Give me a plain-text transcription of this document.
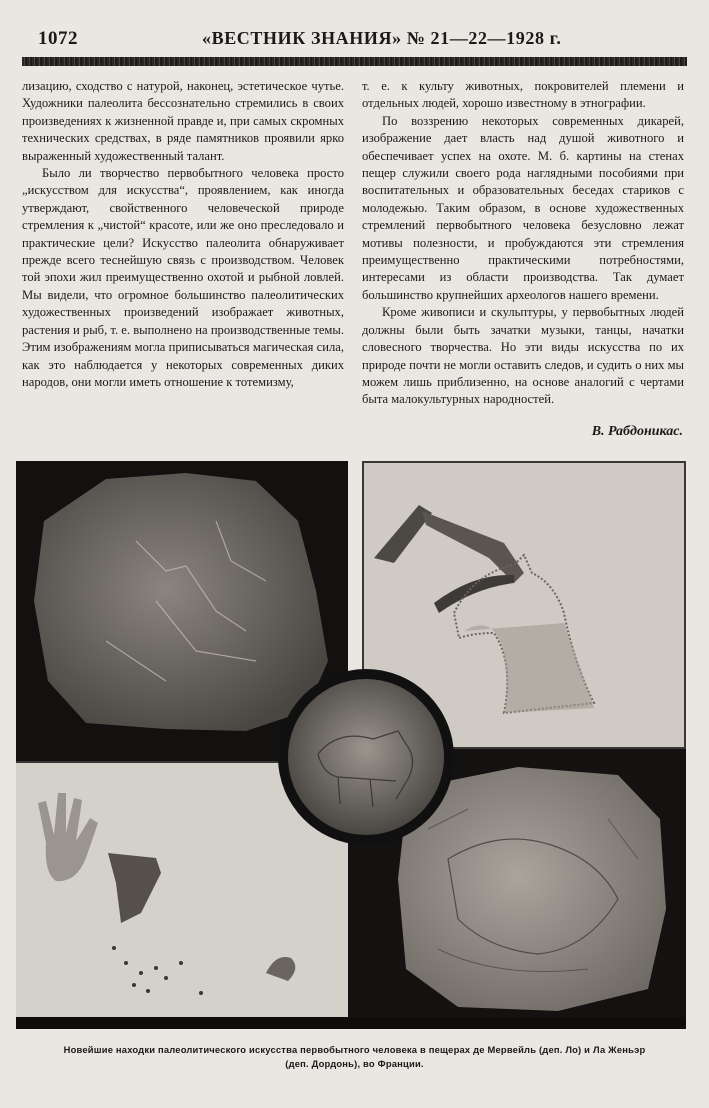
1072	«ВЕСТНИК ЗНАНИЯ» № 21—22—1928 г.

лизацию, сходство с натурой, наконец, эстетическое чутье. Художники палеолита бессознательно стремились в своих произведениях к жизненной правде и, при самых скромных технических средствах, в ряде памятников проявили ярко выраженный художественный талант.

Было ли творчество первобытного человека просто „искусством для искусства“, проявлением, как иногда утверждают, свойственного человеческой природе стремления к „чистой“ красоте, или же оно преследовало и практические цели? Искусство палеолита обнаруживает прежде всего теснейшую связь с производством. Человек той эпохи жил преимущественно охотой и рыбной ловлей. Мы видели, что огромное большинство палеолитических художественных произведений изображает животных, растения и рыб, т. е. выполнено на производственные темы. Этим изображениям могла приписываться магическая сила, как это наблюдается у некоторых современных диких народов, они могли иметь отношение к тотемизму,

т. е. к культу животных, покровителей племени и отдельных людей, хорошо известному в этнографии.

По воззрению некоторых современных дикарей, изображение дает власть над душой животного и обеспечивает успех на охоте. М. б. картины на стенах пещер служили своего рода наглядными пособиями при воспитательных и образовательных беседах стариков с молодежью. Таким образом, в основе художественных стремлений первобытного человека безусловно лежат мотивы полезности, и пробуждаются эти стремления преимущественно практическими потребностями, интересами из области производства. Так думает большинство крупнейших археологов нашего времени.

Кроме живописи и скульптуры, у первобытных людей должны были быть зачатки музыки, танцы, начатки словесного творчества. Но эти виды искусства по их природе почти не могли оставить следов, и судить о них мы можем лишь приблизенно, на основе аналогий с чертами быта малокультурных народностей.

В. Рабдоникас.
Новейшие находки палеолитического искусства первобытного человека в пещерах де Мервейль (деп. Ло) и Ла Женьэр
(деп. Дордонь), во Франции.
